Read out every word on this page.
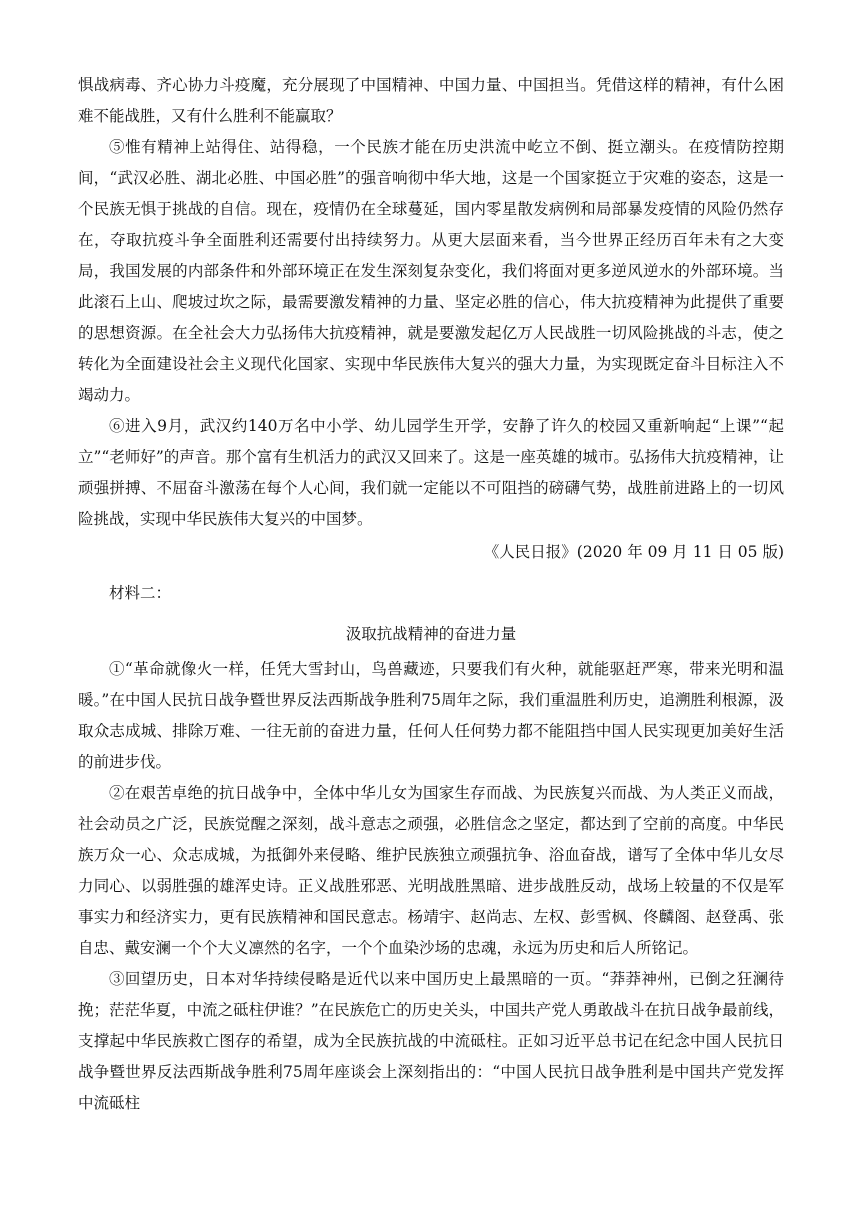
惧战病毒、齐心协力斗疫魔，充分展现了中国精神、中国力量、中国担当。凭借这样的精神，有什么困难不能战胜，又有什么胜利不能赢取？

⑤惟有精神上站得住、站得稳，一个民族才能在历史洪流中屹立不倒、挺立潮头。在疫情防控期间，“武汉必胜、湖北必胜、中国必胜”的强音响彻中华大地，这是一个国家挺立于灾难的姿态，这是一个民族无惧于挑战的自信。现在，疫情仍在全球蔓延，国内零星散发病例和局部暴发疫情的风险仍然存在，夺取抗疫斗争全面胜利还需要付出持续努力。从更大层面来看，当今世界正经历百年未有之大变局，我国发展的内部条件和外部环境正在发生深刻复杂变化，我们将面对更多逆风逆水的外部环境。当此滚石上山、爬坡过坎之际，最需要激发精神的力量、坚定必胜的信心，伟大抗疫精神为此提供了重要的思想资源。在全社会大力弘扬伟大抗疫精神，就是要激发起亿万人民战胜一切风险挑战的斗志，使之转化为全面建设社会主义现代化国家、实现中华民族伟大复兴的强大力量，为实现既定奋斗目标注入不竭动力。

⑥进入9月，武汉约140万名中小学、幼儿园学生开学，安静了许久的校园又重新响起“上课”“起立”“老师好”的声音。那个富有生机活力的武汉又回来了。这是一座英雄的城市。弘扬伟大抗疫精神，让顽强拼搏、不屈奋斗激荡在每个人心间，我们就一定能以不可阻挡的磅礴气势，战胜前进路上的一切风险挑战，实现中华民族伟大复兴的中国梦。

《人民日报》(2020 年 09 月 11 日 05 版)

材料二：

汲取抗战精神的奋进力量

①“革命就像火一样，任凭大雪封山，鸟兽藏迹，只要我们有火种，就能驱赶严寒，带来光明和温暖。”在中国人民抗日战争暨世界反法西斯战争胜利75周年之际，我们重温胜利历史，追溯胜利根源，汲取众志成城、排除万难、一往无前的奋进力量，任何人任何势力都不能阻挡中国人民实现更加美好生活的前进步伐。

②在艰苦卓绝的抗日战争中，全体中华儿女为国家生存而战、为民族复兴而战、为人类正义而战，社会动员之广泛，民族觉醒之深刻，战斗意志之顽强，必胜信念之坚定，都达到了空前的高度。中华民族万众一心、众志成城，为抵御外来侵略、维护民族独立顽强抗争、浴血奋战，谱写了全体中华儿女尽力同心、以弱胜强的雄浑史诗。正义战胜邪恶、光明战胜黑暗、进步战胜反动，战场上较量的不仅是军事实力和经济实力，更有民族精神和国民意志。杨靖宇、赵尚志、左权、彭雪枫、佟麟阁、赵登禹、张自忠、戴安澜一个个大义凛然的名字，一个个血染沙场的忠魂，永远为历史和后人所铭记。

③回望历史，日本对华持续侵略是近代以来中国历史上最黑暗的一页。“莽莽神州，已倒之狂澜待挽；茫茫华夏，中流之砥柱伊谁？”在民族危亡的历史关头，中国共产党人勇敢战斗在抗日战争最前线，支撑起中华民族救亡图存的希望，成为全民族抗战的中流砥柱。正如习近平总书记在纪念中国人民抗日战争暨世界反法西斯战争胜利75周年座谈会上深刻指出的：“中国人民抗日战争胜利是中国共产党发挥中流砥柱
